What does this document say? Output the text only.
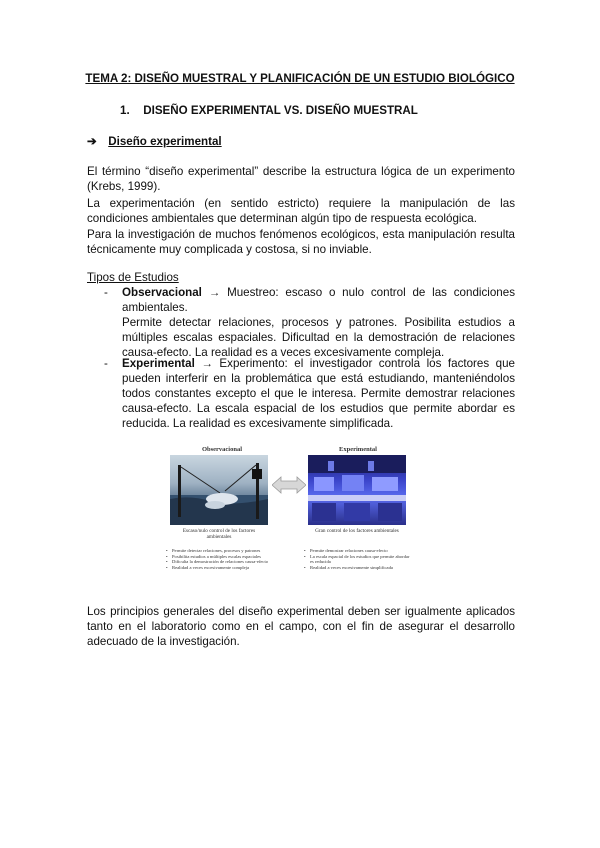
TEMA 2: DISEÑO MUESTRAL Y PLANIFICACIÓN DE UN ESTUDIO BIOLÓGICO
1. DISEÑO EXPERIMENTAL VS. DISEÑO MUESTRAL
➔ Diseño experimental
El término “diseño experimental” describe la estructura lógica de un experimento (Krebs, 1999).
La experimentación (en sentido estricto) requiere la manipulación de las condiciones ambientales que determinan algún tipo de respuesta ecológica.
Para la investigación de muchos fenómenos ecológicos, esta manipulación resulta técnicamente muy complicada y costosa, si no inviable.
Tipos de Estudios
- Observacional → Muestreo: escaso o nulo control de las condiciones ambientales.
Permite detectar relaciones, procesos y patrones. Posibilita estudios a múltiples escalas espaciales. Dificultad en la demostración de relaciones causa-efecto. La realidad es a veces excesivamente compleja.
- Experimental → Experimento: el investigador controla los factores que pueden interferir en la problemática que está estudiando, manteniéndolos todos constantes excepto el que le interesa. Permite demostrar relaciones causa-efecto. La escala espacial de los estudios que permite abordar es reducida. La realidad es excesivamente simplificada.
Observacional	Experimental
Escaso/nulo control de los factores ambientales
Gran control de los factores ambientales
• Permite detectar relaciones, procesos y patrones
• Posibilita estudios a múltiples escalas espaciales
• Dificulta la demostración de relaciones causa-efecto
• Realidad a veces excesivamente compleja
• Permite demostrar relaciones causa-efecto
• La escala espacial de los estudios que permite abordar es reducida
• Realidad a veces excesivamente simplificada
Los principios generales del diseño experimental deben ser igualmente aplicados tanto en el laboratorio como en el campo, con el fin de asegurar el desarrollo adecuado de la investigación.
